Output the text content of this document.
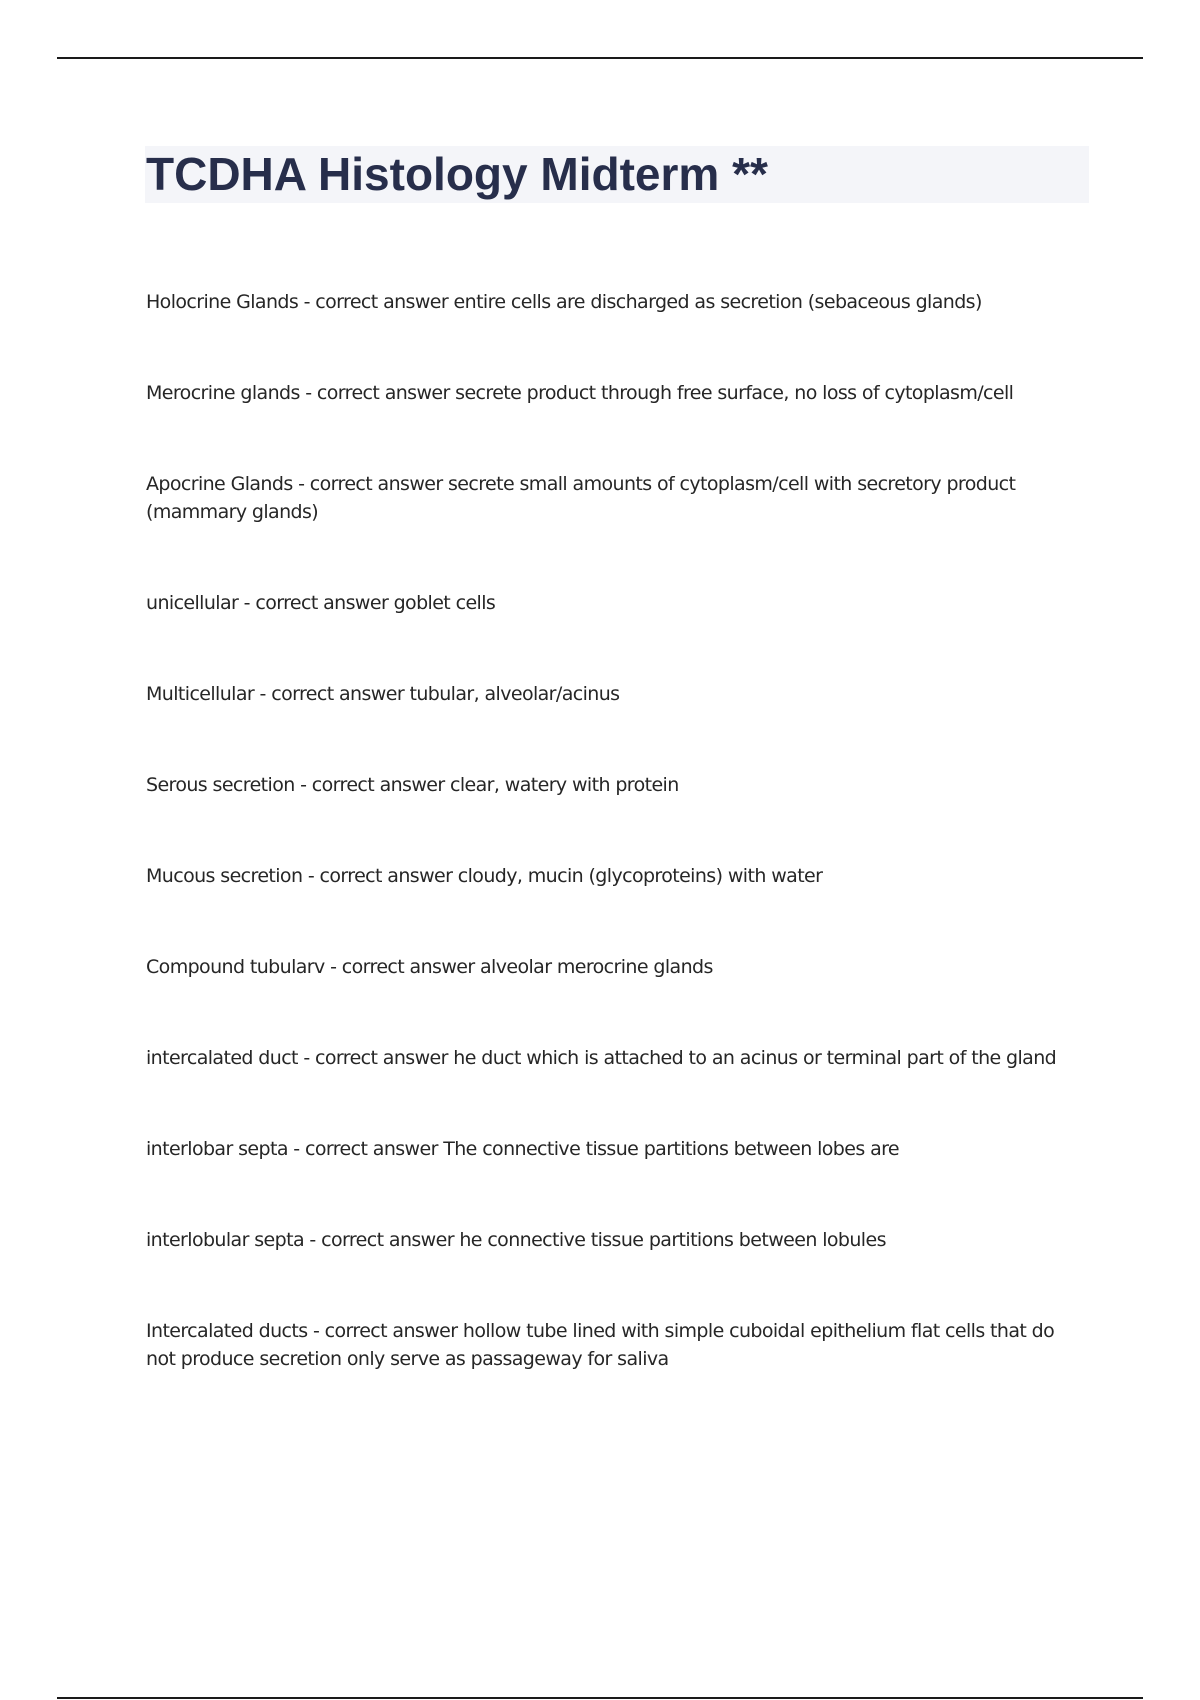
TCDHA Histology Midterm **
Holocrine Glands - correct answer entire cells are discharged as secretion (sebaceous glands)
Merocrine glands - correct answer secrete product through free surface, no loss of cytoplasm/cell
Apocrine Glands - correct answer secrete small amounts of cytoplasm/cell with secretory product (mammary glands)
unicellular - correct answer goblet cells
Multicellular - correct answer tubular, alveolar/acinus
Serous secretion - correct answer clear, watery with protein
Mucous secretion - correct answer cloudy, mucin (glycoproteins) with water
Compound tubularv - correct answer alveolar merocrine glands
intercalated duct - correct answer he duct which is attached to an acinus or terminal part of the gland
interlobar septa - correct answer The connective tissue partitions between lobes are
interlobular septa - correct answer he connective tissue partitions between lobules
Intercalated ducts - correct answer hollow tube lined with simple cuboidal epithelium flat cells that do not produce secretion only serve as passageway for saliva
